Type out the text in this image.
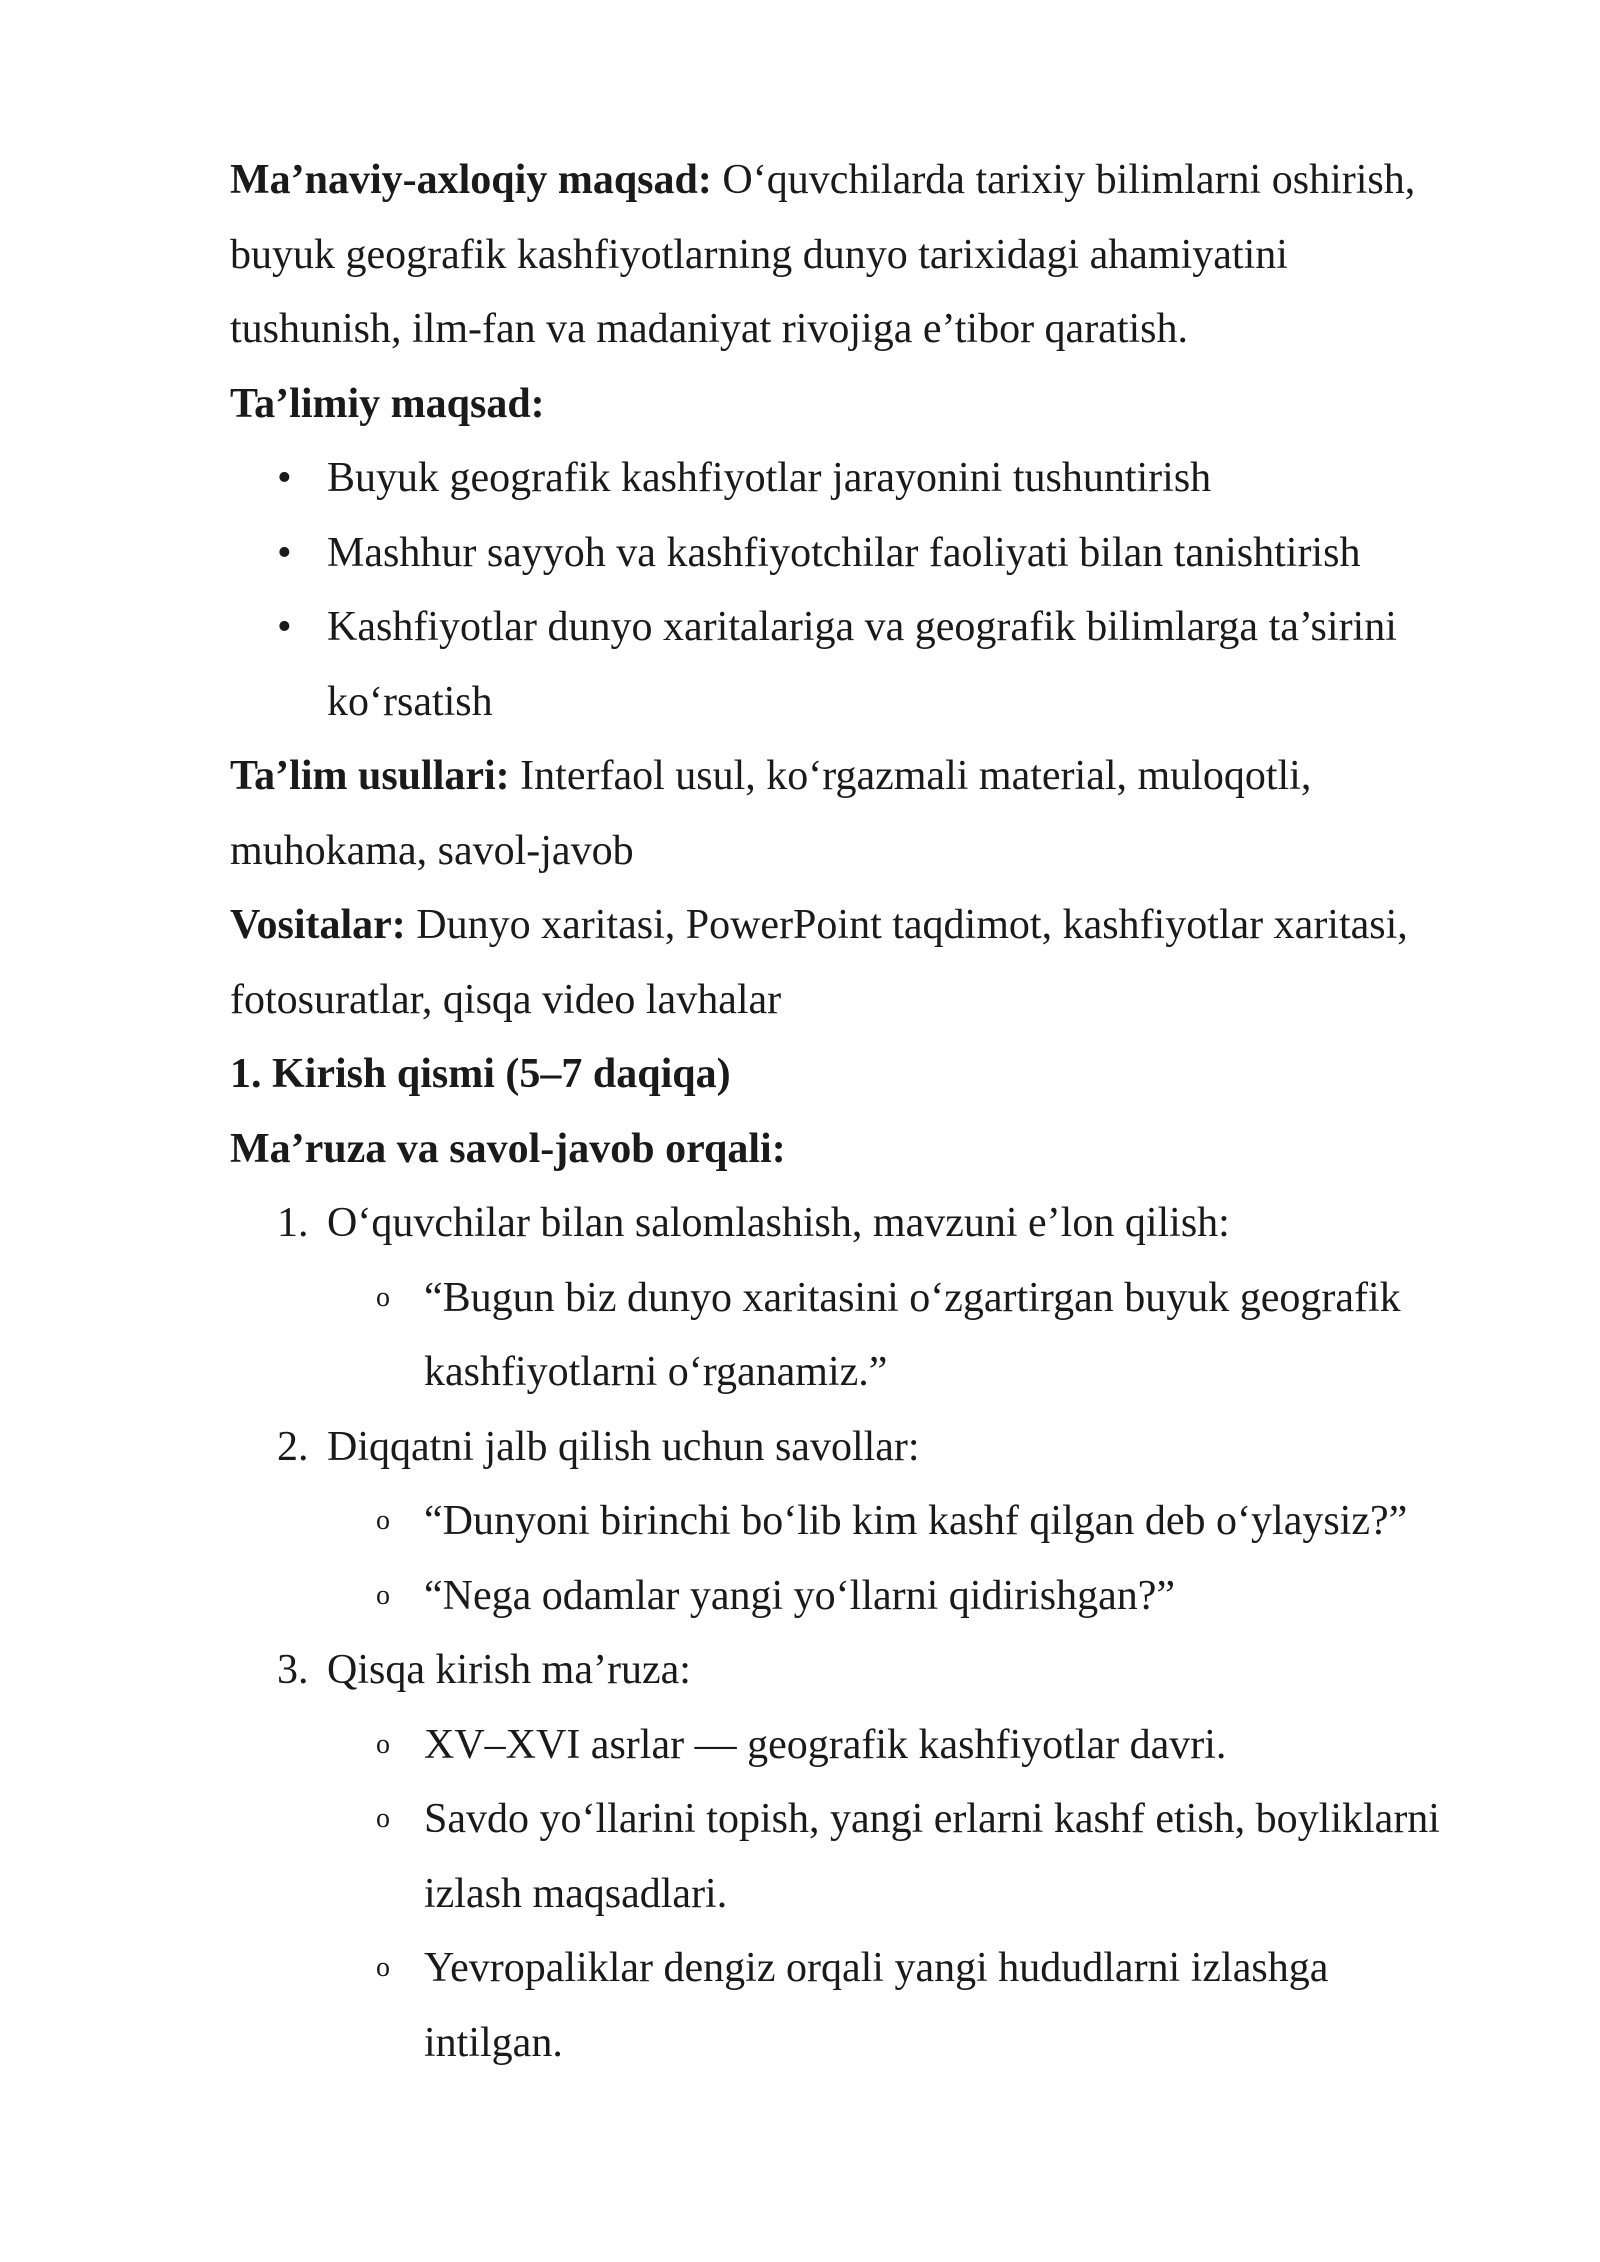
Ma’naviy-axloqiy maqsad: O‘quvchilarda tarixiy bilimlarni oshirish,
buyuk geografik kashfiyotlarning dunyo tarixidagi ahamiyatini
tushunish, ilm-fan va madaniyat rivojiga e’tibor qaratish.
Ta’limiy maqsad:
• Buyuk geografik kashfiyotlar jarayonini tushuntirish
• Mashhur sayyoh va kashfiyotchilar faoliyati bilan tanishtirish
• Kashfiyotlar dunyo xaritalariga va geografik bilimlarga ta’sirini
ko‘rsatish
Ta’lim usullari: Interfaol usul, ko‘rgazmali material, muloqotli,
muhokama, savol-javob
Vositalar: Dunyo xaritasi, PowerPoint taqdimot, kashfiyotlar xaritasi,
fotosuratlar, qisqa video lavhalar
1. Kirish qismi (5–7 daqiqa)
Ma’ruza va savol-javob orqali:
1. O‘quvchilar bilan salomlashish, mavzuni e’lon qilish:
o “Bugun biz dunyo xaritasini o‘zgartirgan buyuk geografik
kashfiyotlarni o‘rganamiz.”
2. Diqqatni jalb qilish uchun savollar:
o “Dunyoni birinchi bo‘lib kim kashf qilgan deb o‘ylaysiz?”
o “Nega odamlar yangi yo‘llarni qidirishgan?”
3. Qisqa kirish ma’ruza:
o XV–XVI asrlar — geografik kashfiyotlar davri.
o Savdo yo‘llarini topish, yangi erlarni kashf etish, boyliklarni
izlash maqsadlari.
o Yevropaliklar dengiz orqali yangi hududlarni izlashga
intilgan.
